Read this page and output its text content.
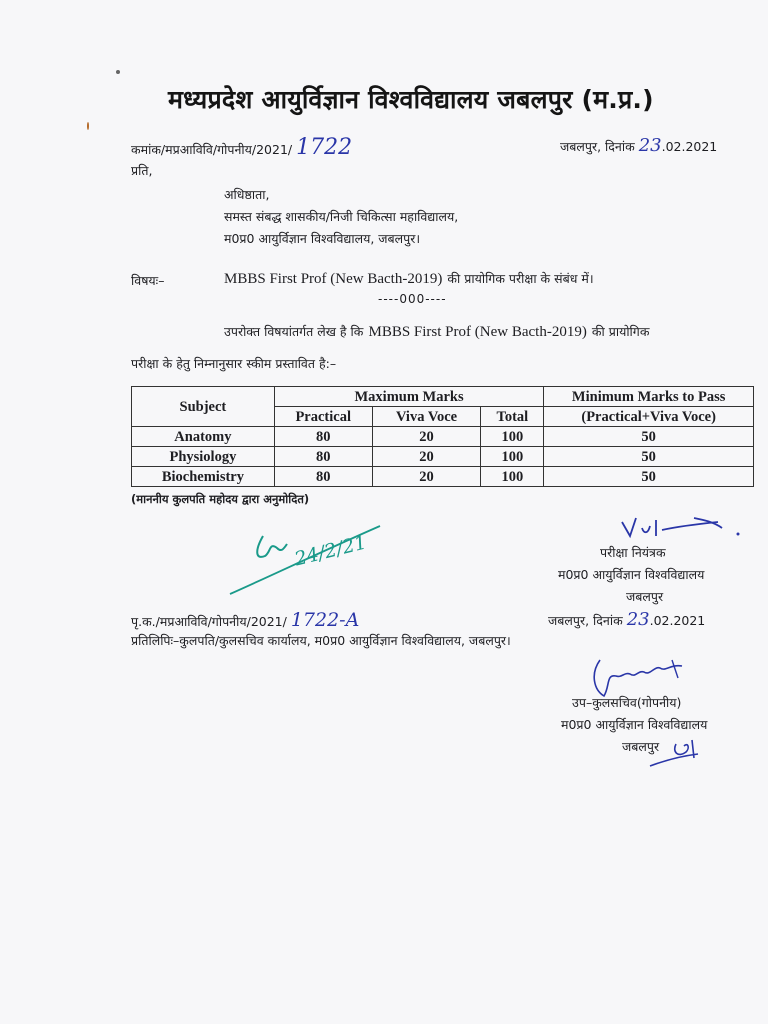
मध्यप्रदेश आयुर्विज्ञान विश्वविद्यालय जबलपुर (म.प्र.)
कमांक/मप्रआविवि/गोपनीय/2021/ 1722	जबलपुर, दिनांक 23.02.2021
प्रति,
अधिष्ठाता,
समस्त संबद्ध शासकीय/निजी चिकित्सा महाविद्यालय,
म0प्र0 आयुर्विज्ञान विश्वविद्यालय, जबलपुर।
विषयः–	MBBS First Prof (New Bacth-2019) की प्रायोगिक परीक्षा के संबंध में।
----000----
उपरोक्त विषयांतर्गत लेख है कि MBBS First Prof (New Bacth-2019) की प्रायोगिक
परीक्षा के हेतु निम्नानुसार स्कीम प्रस्तावित है:–
Subject	Maximum Marks			Minimum Marks to Pass
	Practical	Viva Voce	Total	(Practical+Viva Voce)
Anatomy	80	20	100	50
Physiology	80	20	100	50
Biochemistry	80	20	100	50
(माननीय कुलपति महोदय द्वारा अनुमोदित)
24/2/21	परीक्षा नियंत्रक
म0प्र0 आयुर्विज्ञान विश्वविद्यालय
जबलपुर
पृ.क./मप्रआविवि/गोपनीय/2021/ 1722-A	जबलपुर, दिनांक 23.02.2021
प्रतिलिपिः–कुलपति/कुलसचिव कार्यालय, म0प्र0 आयुर्विज्ञान विश्वविद्यालय, जबलपुर।
उप–कुलसचिव(गोपनीय)
म0प्र0 आयुर्विज्ञान विश्वविद्यालय
जबलपुर
